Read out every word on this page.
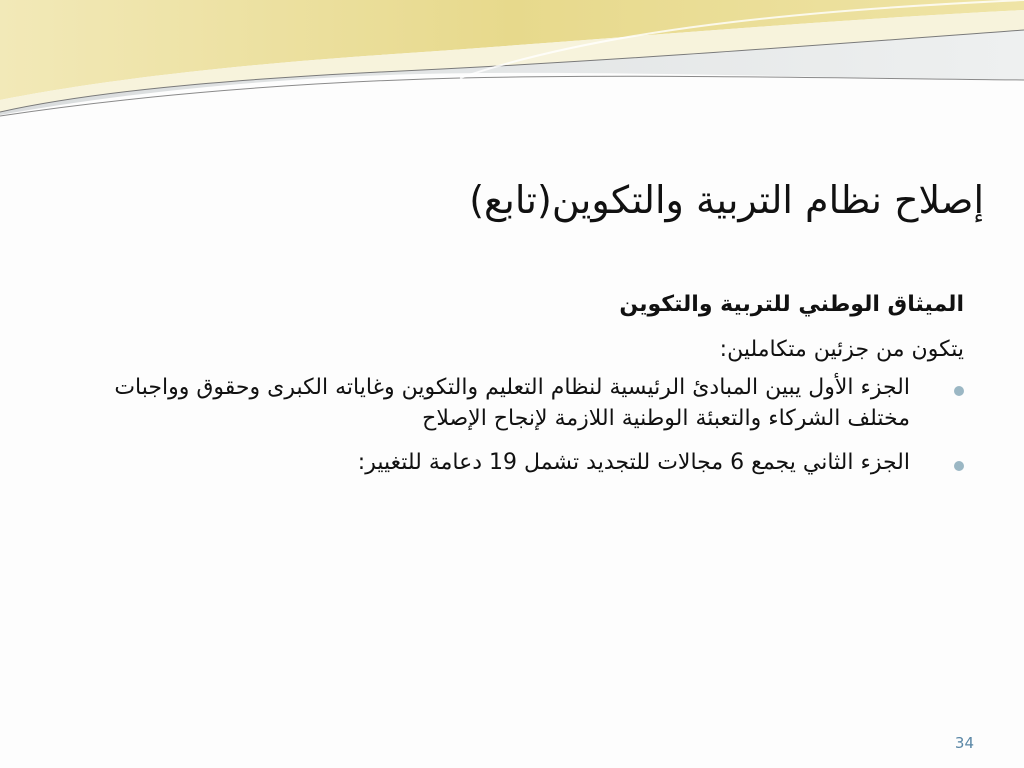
إصلاح نظام التربية والتكوين(تابع)

الميثاق الوطني للتربية والتكوين

يتكون من جزئين متكاملين:

الجزء الأول يبين المبادئ الرئيسية لنظام التعليم والتكوين وغاياته الكبرى وحقوق وواجبات مختلف الشركاء والتعبئة الوطنية اللازمة لإنجاح الإصلاح
الجزء الثاني يجمع 6 مجالات للتجديد تشمل 19 دعامة للتغيير:
34
